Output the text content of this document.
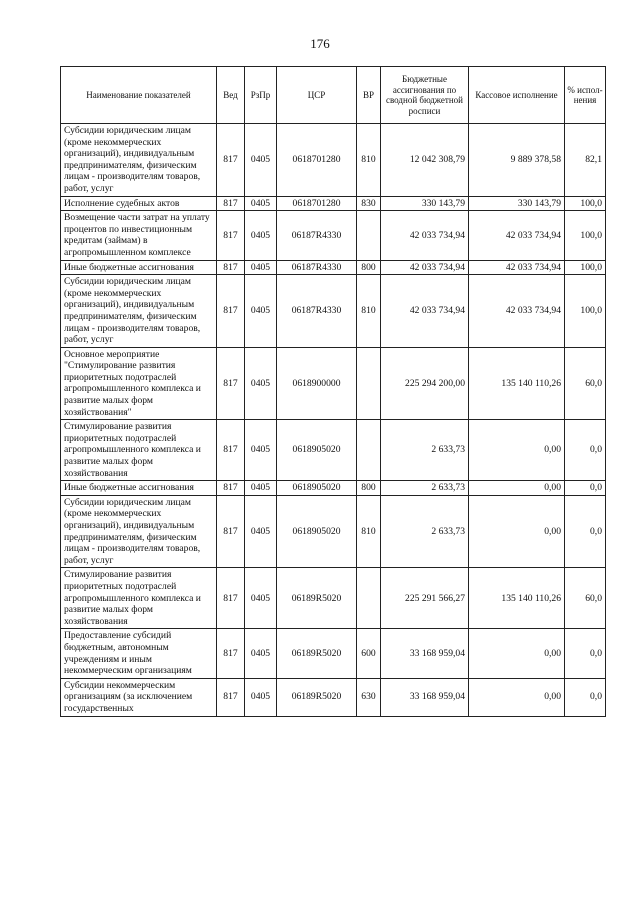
176
Наименование показателей	Вед	РзПр	ЦСР	ВР	Бюджетные ассигнования по сводной бюджетной росписи	Кассовое исполнение	% испол-нения
Субсидии юридическим лицам (кроме некоммерческих организаций), индивидуальным предпринимателям, физическим лицам - производителям товаров, работ, услуг	817	0405	0618701280	810	12 042 308,79	9 889 378,58	82,1
Исполнение судебных актов	817	0405	0618701280	830	330 143,79	330 143,79	100,0
Возмещение части затрат на уплату процентов по инвестиционным кредитам (займам) в агропромышленном комплексе	817	0405	06187R4330		42 033 734,94	42 033 734,94	100,0
Иные бюджетные ассигнования	817	0405	06187R4330	800	42 033 734,94	42 033 734,94	100,0
Субсидии юридическим лицам (кроме некоммерческих организаций), индивидуальным предпринимателям, физическим лицам - производителям товаров, работ, услуг	817	0405	06187R4330	810	42 033 734,94	42 033 734,94	100,0
Основное мероприятие "Стимулирование развития приоритетных подотраслей агропромышленного комплекса и развитие малых форм хозяйствования"	817	0405	0618900000		225 294 200,00	135 140 110,26	60,0
Стимулирование развития приоритетных подотраслей агропромышленного комплекса и развитие малых форм хозяйствования	817	0405	0618905020		2 633,73	0,00	0,0
Иные бюджетные ассигнования	817	0405	0618905020	800	2 633,73	0,00	0,0
Субсидии юридическим лицам (кроме некоммерческих организаций), индивидуальным предпринимателям, физическим лицам - производителям товаров, работ, услуг	817	0405	0618905020	810	2 633,73	0,00	0,0
Стимулирование развития приоритетных подотраслей агропромышленного комплекса и развитие малых форм хозяйствования	817	0405	06189R5020		225 291 566,27	135 140 110,26	60,0
Предоставление субсидий бюджетным, автономным учреждениям и иным некоммерческим организациям	817	0405	06189R5020	600	33 168 959,04	0,00	0,0
Субсидии некоммерческим организациям (за исключением государственных	817	0405	06189R5020	630	33 168 959,04	0,00	0,0
